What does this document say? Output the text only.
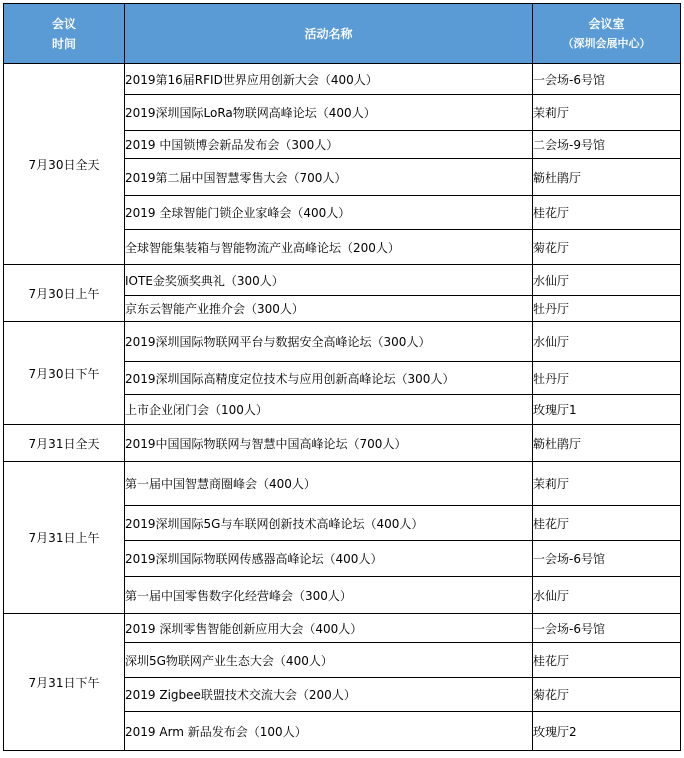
会议
时间	活动名称	会议室
（深圳会展中心）

7月30日全天	2019第16届RFID世界应用创新大会（400人）	一会场-6号馆
	2019深圳国际LoRa物联网高峰论坛（400人）	茉莉厅
	2019 中国锁博会新品发布会（300人）	二会场-9号馆
	2019第二届中国智慧零售大会（700人）	簕杜鹃厅
	2019 全球智能门锁企业家峰会（400人）	桂花厅
	全球智能集装箱与智能物流产业高峰论坛（200人）	菊花厅
7月30日上午	IOTE金奖颁奖典礼（300人）	水仙厅
	京东云智能产业推介会（300人）	牡丹厅
7月30日下午	2019深圳国际物联网平台与数据安全高峰论坛（300人）	水仙厅
	2019深圳国际高精度定位技术与应用创新高峰论坛（300人）	牡丹厅
	上市企业闭门会（100人）	玫瑰厅1
7月31日全天	2019中国国际物联网与智慧中国高峰论坛（700人）	簕杜鹃厅
7月31日上午	第一届中国智慧商圈峰会（400人）	茉莉厅
	2019深圳国际5G与车联网创新技术高峰论坛（400人）	桂花厅
	2019深圳国际物联网传感器高峰论坛（400人）	一会场-6号馆
	第一届中国零售数字化经营峰会（300人）	水仙厅
7月31日下午	2019 深圳零售智能创新应用大会（400人）	一会场-6号馆
	深圳5G物联网产业生态大会（400人）	桂花厅
	2019 Zigbee联盟技术交流大会（200人）	菊花厅
	2019 Arm 新品发布会（100人）	玫瑰厅2
